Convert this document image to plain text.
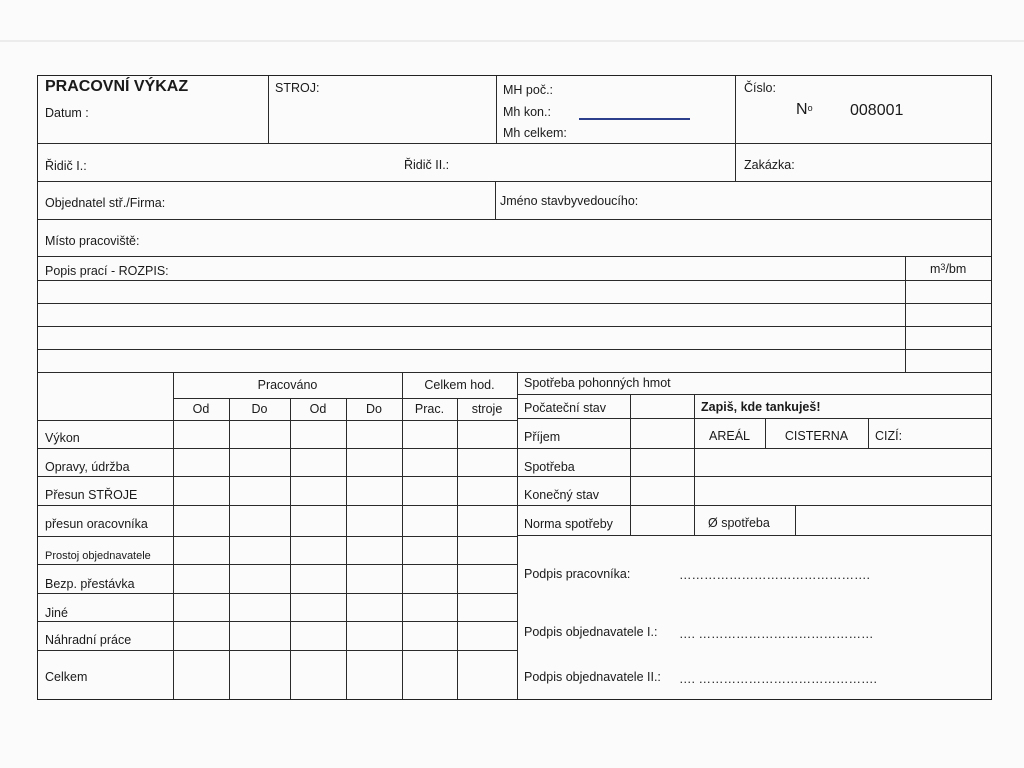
PRACOVNÍ VÝKAZ
Datum :
STROJ:	MH poč.:
Mh kon.:
Mh celkem:
Číslo:
$N^o$ 008001
Řidič I.:	Řidič II.:	Zakázka:
Objednatel stř./Firma:	Jméno stavbyvedoucího:
Místo pracoviště:
Popis prací - ROZPIS:	$m^3/bm$
Pracováno	Celkem hod.
Od	Do	Od	Do	Prac.	stroje
Výkon
Opravy, údržba
Přesun STŘOJE
přesun oracovníka
Prostoj objednavatele
Bezp. přestávka
Jiné
Náhradní práce
Celkem
Spotřeba pohonných hmot
Počateční stav	Zapiš, kde tankuješ!
Příjem	AREÁL	CISTERNA	CIZÍ:
Spotřeba
Konečný stav
Norma spotřeby	Ø spotřeba
Podpis pracovníka:	……………………………………….
Podpis objednavatele I.: …. ……………………………………
Podpis objednavatele II.: …. …………………………………….
